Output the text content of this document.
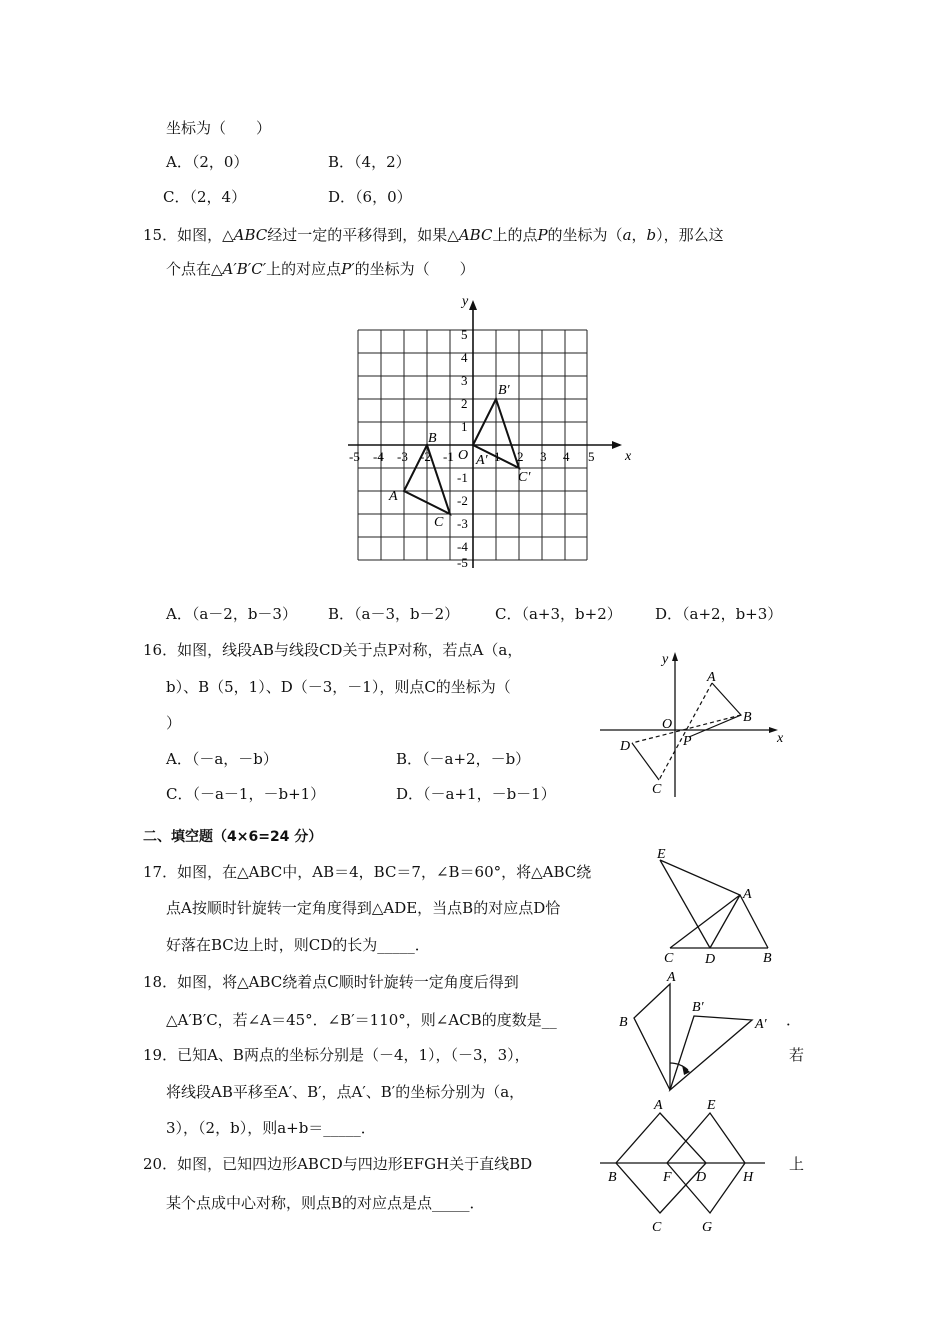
坐标为（　　）
A．（2，0）	B．（4，2）
C．（2，4）	D．（6，0）
15．如图，△ABC经过一定的平移得到，如果△ABC上的点P的坐标为（a，b），那么这
个点在△A′B′C′上的对应点P′的坐标为（　　）
x
y
O
-5 -4 -3 -2 -1	1 2 3 4 5
5
4
3
2
1
-1
-2
-3
-4
-5
A
B
C
A′
B′
C′
A．（a－2，b－3） B．（a－3，b－2） C．（a+3，b+2） D．（a+2，b+3）
16．如图，线段AB与线段CD关于点P对称，若点A（a，
b）、B（5，1）、D（－3，－1），则点C的坐标为（
）
A．（－a，－b）	B．（－a+2，－b）
C．（－a－1，－b+1）	D．（－a+1，－b－1）
x
y
O
P
A
B
C
D
二、填空题（4×6=24 分）
17．如图，在△ABC中，AB＝4，BC＝7，∠B＝60°，将△ABC绕
点A按顺时针旋转一定角度得到△ADE，当点B的对应点D恰
好落在BC边上时，则CD的长为_____．
E
A
C D	B
18．如图，将△ABC绕着点C顺时针旋转一定角度后得到
△A′B′C，若∠A＝45°．∠B′＝110°，则∠ACB的度数是__	．
A
B
B′
A′
19．已知A、B两点的坐标分别是（－4，1），（－3，3），	若
将线段AB平移至A′、B′，点A′、B′的坐标分别为（a，
3），（2，b），则a+b＝_____．
20．如图，已知四边形ABCD与四边形EFGH关于直线BD	上
某个点成中心对称，则点B的对应点是点_____．
A	E
B	F D	H
C	G
